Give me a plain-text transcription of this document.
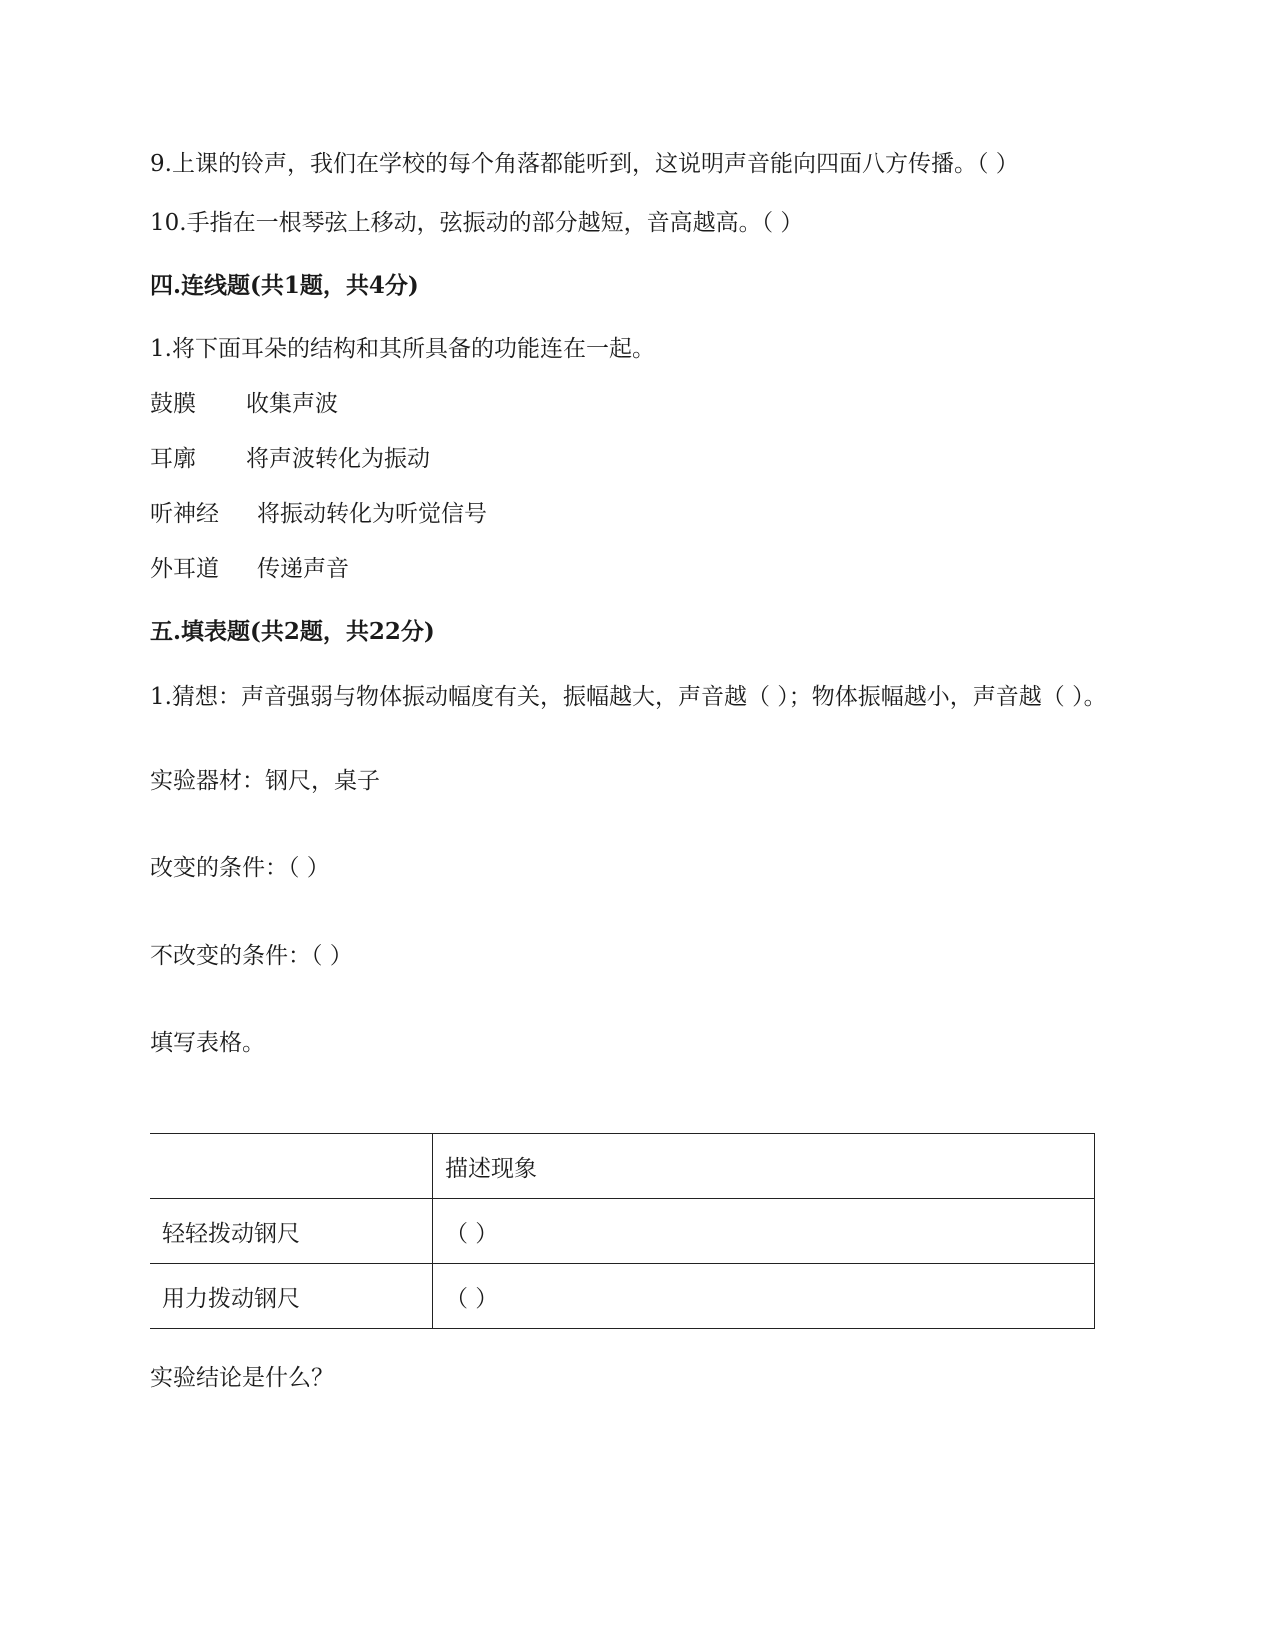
9.上课的铃声，我们在学校的每个角落都能听到，这说明声音能向四面八方传播。（ ）
10.手指在一根琴弦上移动，弦振动的部分越短，音高越高。（ ）
四.连线题(共1题，共4分)
1.将下面耳朵的结构和其所具备的功能连在一起。
鼓膜 收集声波
耳廓 将声波转化为振动
听神经 将振动转化为听觉信号
外耳道 传递声音
五.填表题(共2题，共22分)
1.猜想：声音强弱与物体振动幅度有关，振幅越大，声音越（ ）；物体振幅越小，声音越（ ）。
实验器材：钢尺，桌子
改变的条件：（ ）
不改变的条件：（ ）
填写表格。
	描述现象
轻轻拨动钢尺	（ ）
用力拨动钢尺	（ ）
实验结论是什么？
